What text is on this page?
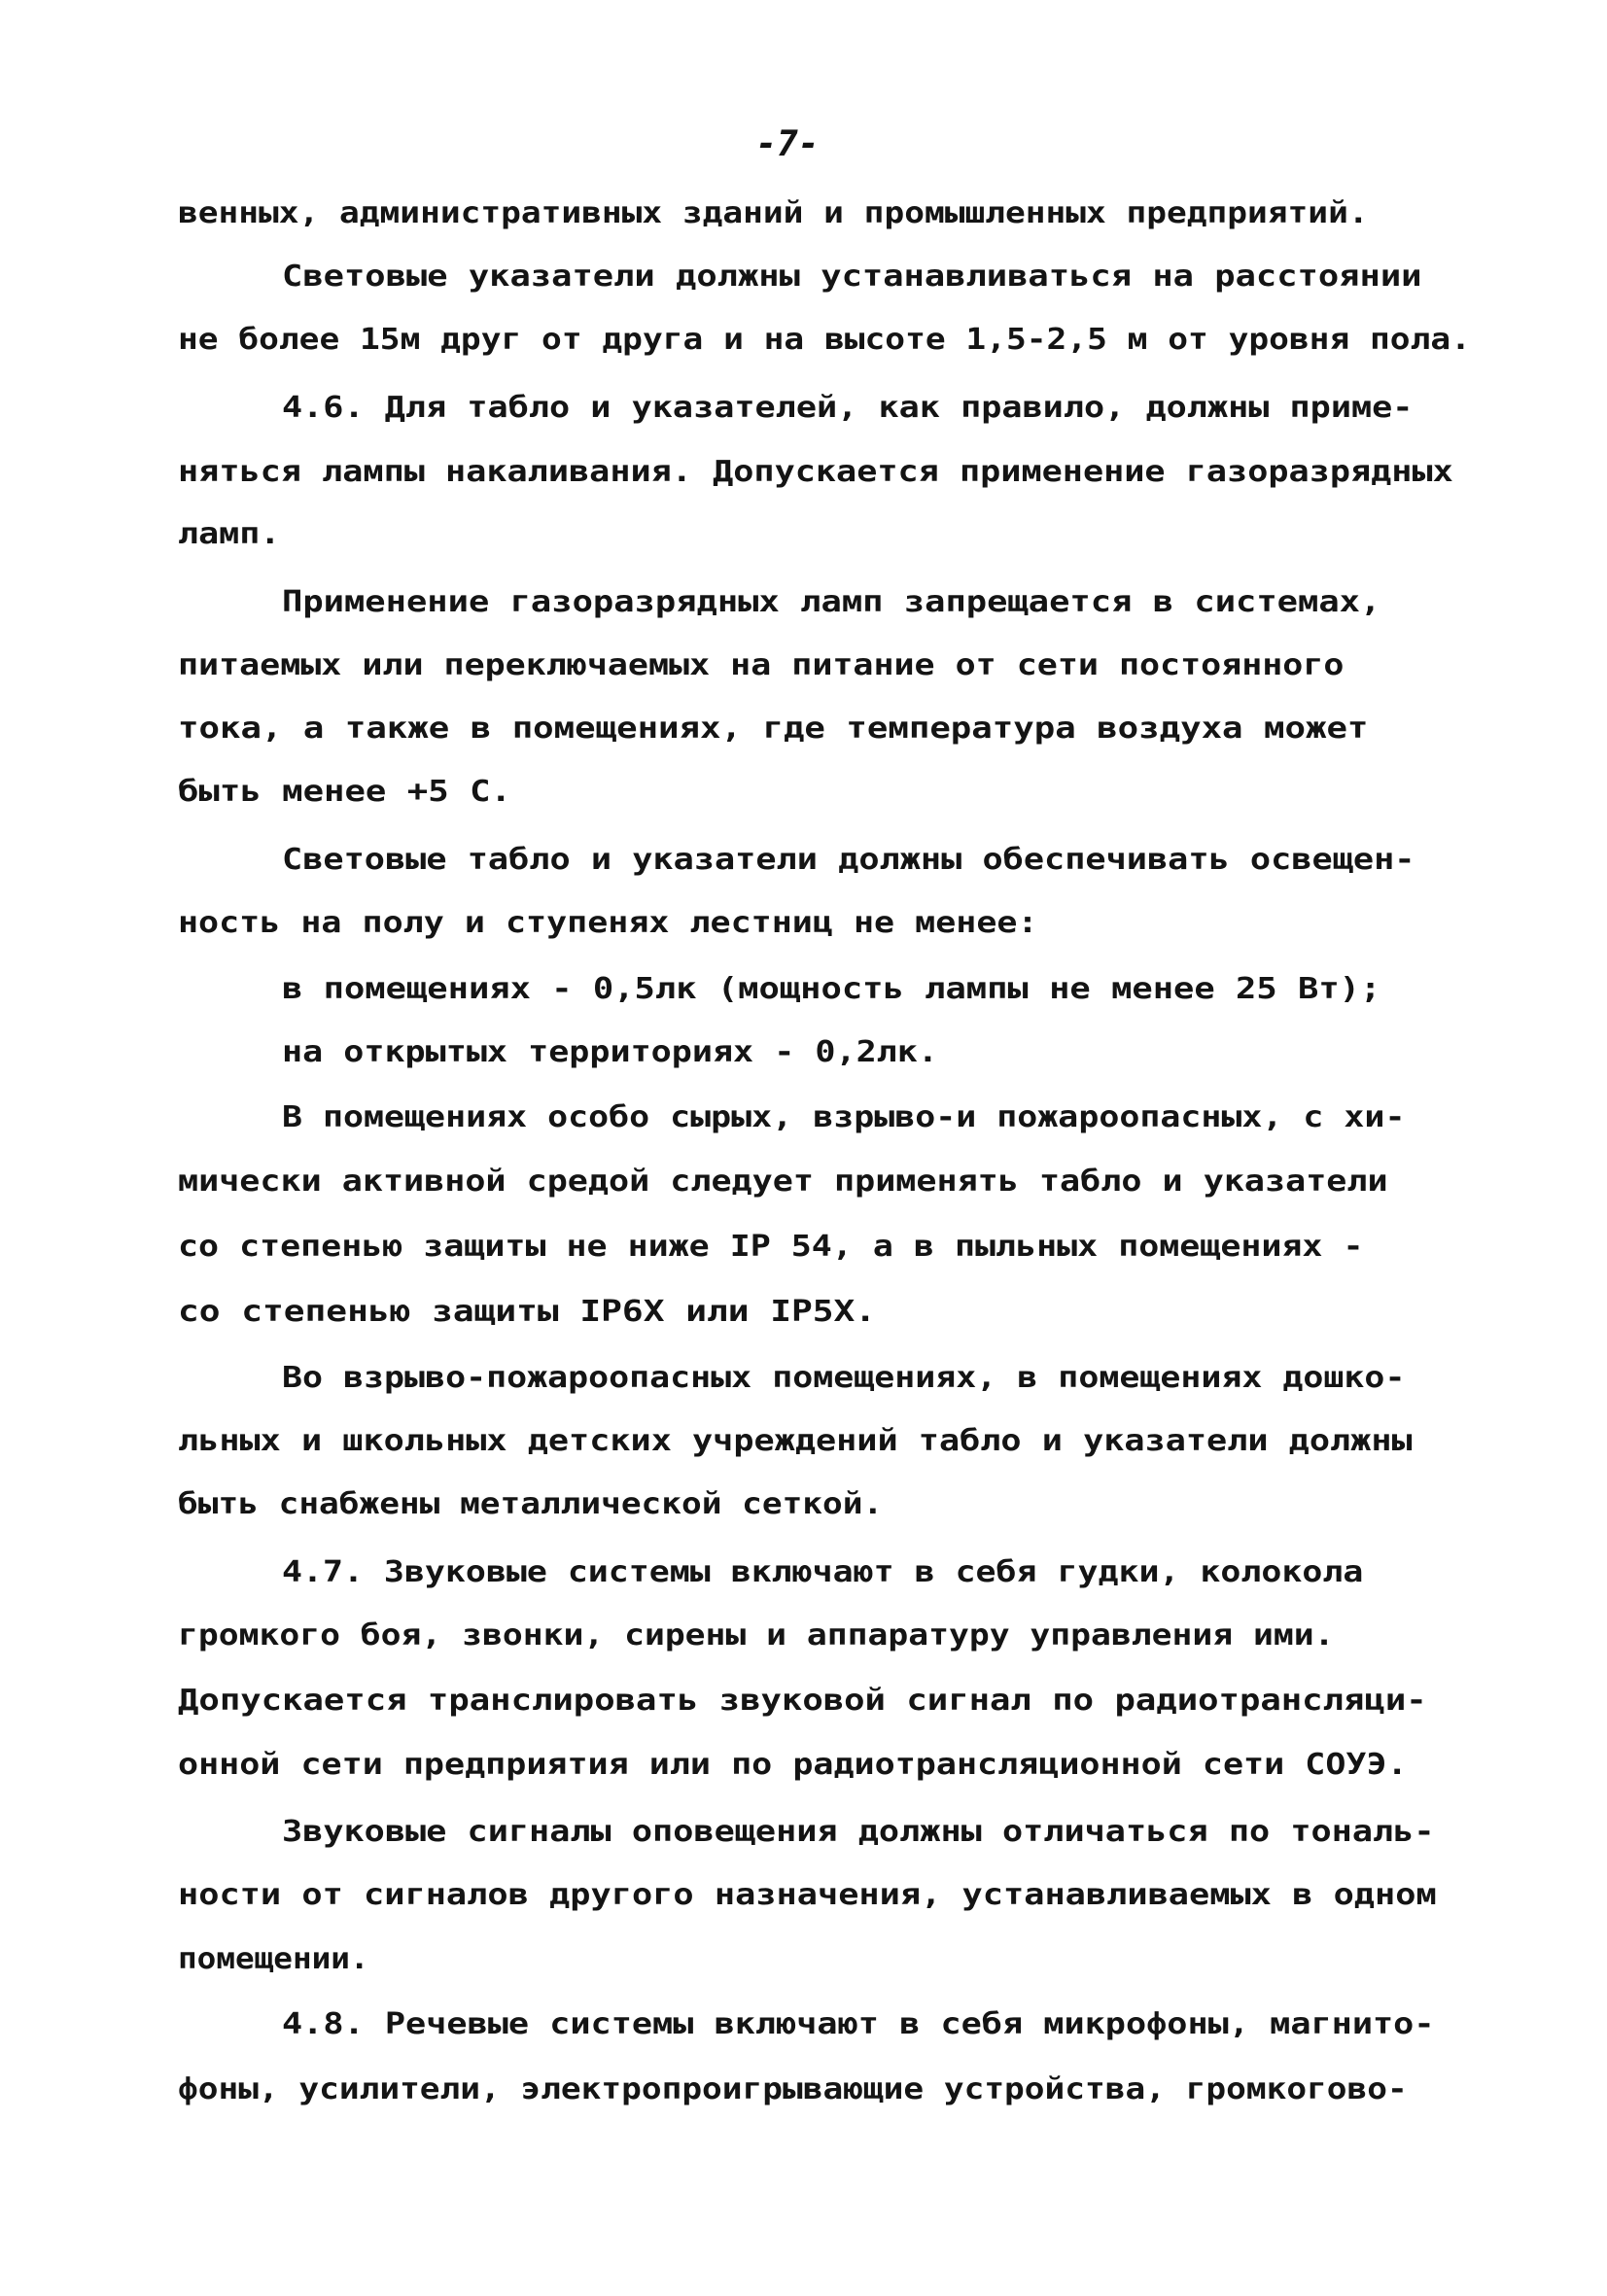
-7-
венных, административных зданий и промышленных предприятий.
Световые указатели должны устанавливаться на расстоянии
не более 15м друг от друга и на высоте 1,5-2,5 м от уровня пола.
4.6. Для табло и указателей, как правило, должны приме-
няться лампы накаливания. Допускается применение газоразрядных
ламп.
Применение газоразрядных ламп запрещается в системах,
питаемых или переключаемых на питание от сети постоянного
тока, а также в помещениях, где температура воздуха может
быть менее +5 С.
Световые табло и указатели должны обеспечивать освещен-
ность на полу и ступенях лестниц не менее:
в помещениях - 0,5лк (мощность лампы не менее 25 Вт);
на открытых территориях - 0,2лк.
В помещениях особо сырых, взрыво-и пожароопасных, с хи-
мически активной средой следует применять табло и указатели
со степенью защиты не ниже IP 54, а в пыльных помещениях -
со степенью защиты IP6X или IP5X.
Во взрыво-пожароопасных помещениях, в помещениях дошко-
льных и школьных детских учреждений табло и указатели должны
быть снабжены металлической сеткой.
4.7. Звуковые системы включают в себя гудки, колокола
громкого боя, звонки, сирены и аппаратуру управления ими.
Допускается транслировать звуковой сигнал по радиотрансляци-
онной сети предприятия или по радиотрансляционной сети СОУЭ.
Звуковые сигналы оповещения должны отличаться по тональ-
ности от сигналов другого назначения, устанавливаемых в одном
помещении.
4.8. Речевые системы включают в себя микрофоны, магнито-
фоны, усилители, электропроигрывающие устройства, громкогово-
